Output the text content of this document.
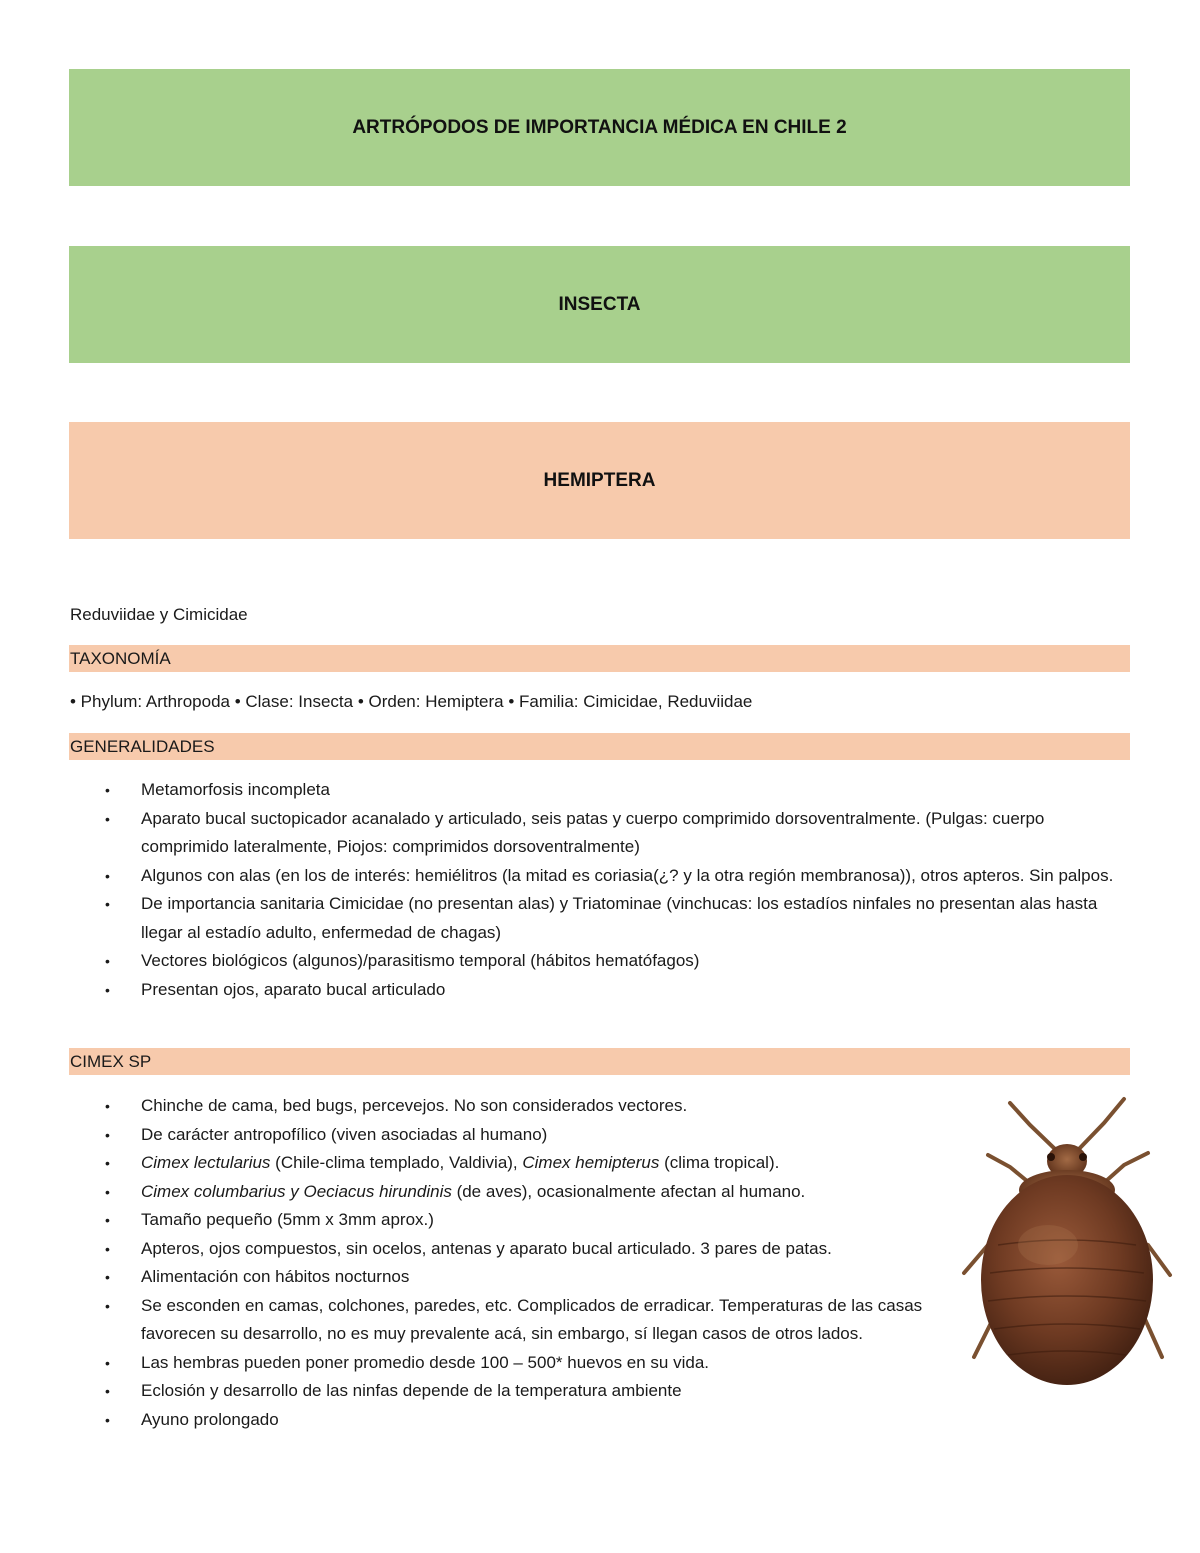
ARTRÓPODOS DE IMPORTANCIA MÉDICA EN CHILE 2
INSECTA
HEMIPTERA
Reduviidae y Cimicidae
TAXONOMÍA
• Phylum: Arthropoda • Clase: Insecta • Orden: Hemiptera • Familia: Cimicidae, Reduviidae
GENERALIDADES
• Metamorfosis incompleta
• Aparato bucal suctopicador acanalado y articulado, seis patas y cuerpo comprimido dorsoventralmente. (Pulgas: cuerpo comprimido lateralmente, Piojos: comprimidos dorsoventralmente)
• Algunos con alas (en los de interés: hemiélitros (la mitad es coriasia(¿? y la otra región membranosa)), otros apteros. Sin palpos.
• De importancia sanitaria Cimicidae (no presentan alas) y Triatominae (vinchucas: los estadíos ninfales no presentan alas hasta llegar al estadío adulto, enfermedad de chagas)
• Vectores biológicos (algunos)/parasitismo temporal (hábitos hematófagos)
• Presentan ojos, aparato bucal articulado
CIMEX SP
• Chinche de cama, bed bugs, percevejos. No son considerados vectores.
• De carácter antropofílico (viven asociadas al humano)
• Cimex lectularius (Chile-clima templado, Valdivia), Cimex hemipterus (clima tropical).
• Cimex columbarius y Oeciacus hirundinis (de aves), ocasionalmente afectan al humano.
• Tamaño pequeño (5mm x 3mm aprox.)
• Apteros, ojos compuestos, sin ocelos, antenas y aparato bucal articulado. 3 pares de patas.
• Alimentación con hábitos nocturnos
• Se esconden en camas, colchones, paredes, etc. Complicados de erradicar. Temperaturas de las casas favorecen su desarrollo, no es muy prevalente acá, sin embargo, sí llegan casos de otros lados.
• Las hembras pueden poner promedio desde 100 – 500* huevos en su vida.
• Eclosión y desarrollo de las ninfas depende de la temperatura ambiente
• Ayuno prolongado
